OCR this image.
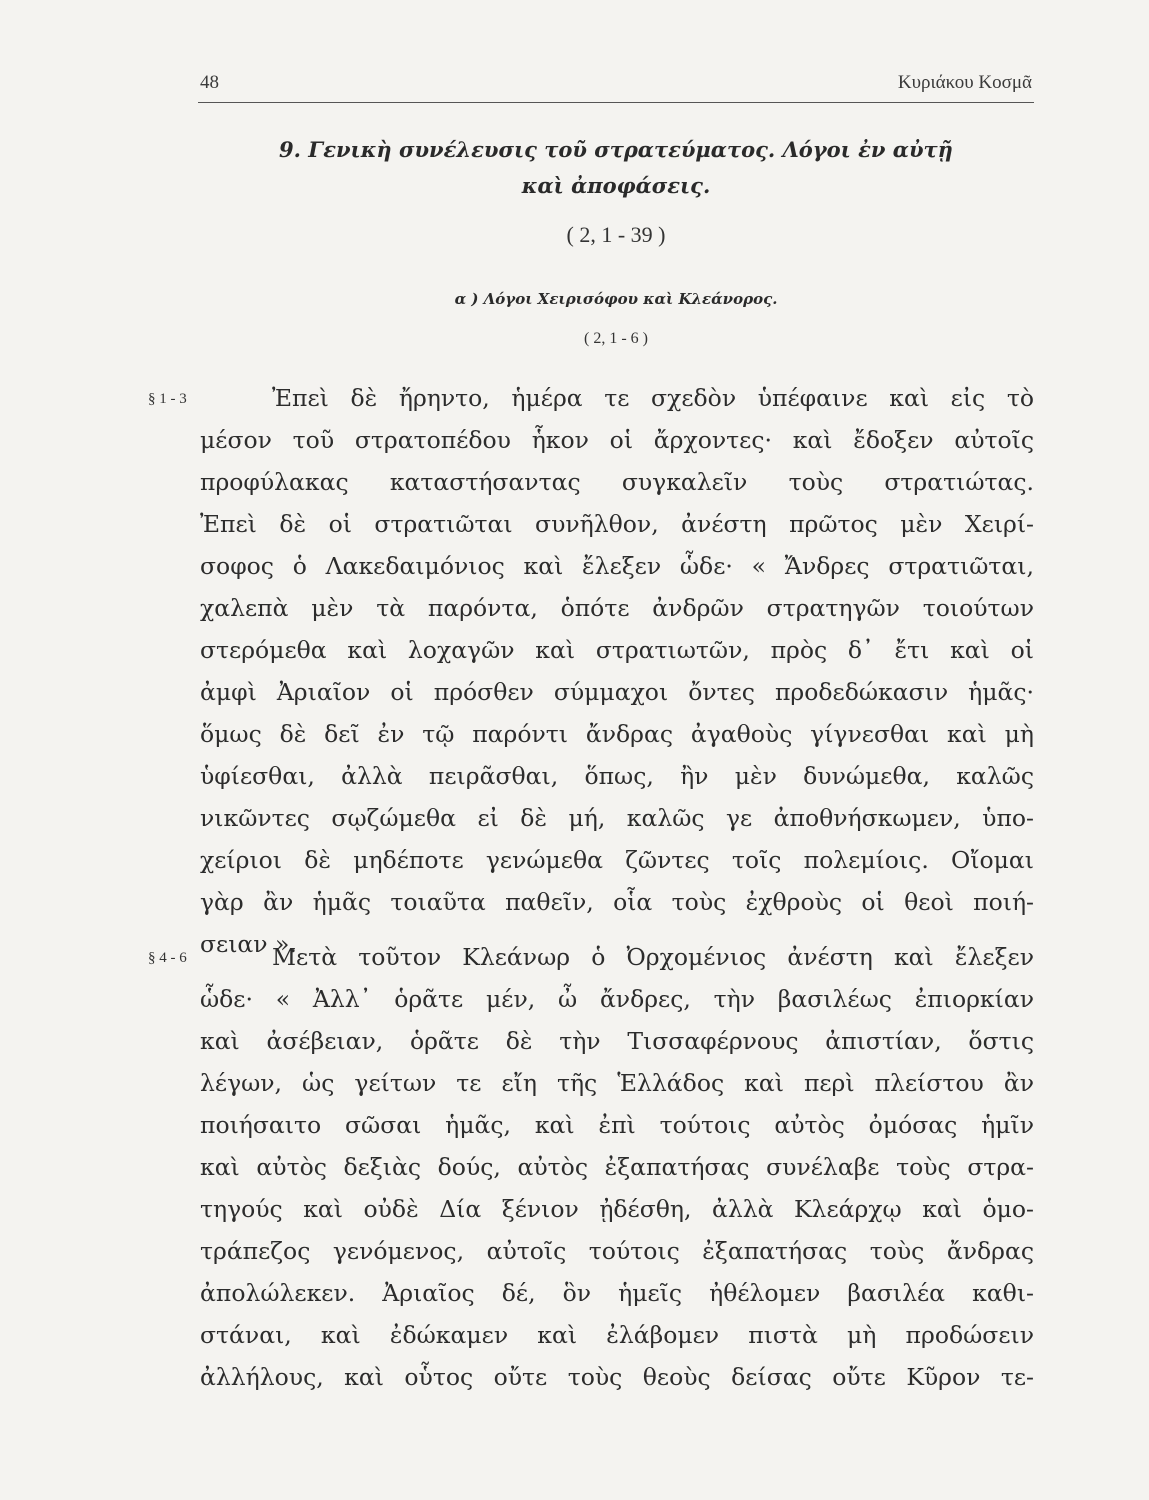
48	Κυριάκου Κοσμᾶ
9. Γενικὴ συνέλευσις τοῦ στρατεύματος. Λόγοι ἐν αὐτῇ
καὶ ἀποφάσεις.
( 2, 1 - 39 )
α ) Λόγοι Χειρισόφου καὶ Κλεάνορος.
( 2, 1 - 6 )
§ 1 - 3	Ἐπεὶ δὲ ἤρηντο, ἡμέρα τε σχεδὸν ὑπέφαινε καὶ εἰς τὸ
μέσον τοῦ στρατοπέδου ἧκον οἱ ἄρχοντες· καὶ ἔδοξεν αὐτοῖς
προφύλακας καταστήσαντας συγκαλεῖν τοὺς στρατιώτας.
Ἐπεὶ δὲ οἱ στρατιῶται συνῆλθον, ἀνέστη πρῶτος μὲν Χειρί-
σοφος ὁ Λακεδαιμόνιος καὶ ἔλεξεν ὧδε· « Ἄνδρες στρατιῶται,
χαλεπὰ μὲν τὰ παρόντα, ὁπότε ἀνδρῶν στρατηγῶν τοιούτων
στερόμεθα καὶ λοχαγῶν καὶ στρατιωτῶν, πρὸς δ᾽ ἔτι καὶ οἱ
ἀμφὶ Ἀριαῖον οἱ πρόσθεν σύμμαχοι ὄντες προδεδώκασιν ἡμᾶς·
ὅμως δὲ δεῖ ἐν τῷ παρόντι ἄνδρας ἀγαθοὺς γίγνεσθαι καὶ μὴ
ὑφίεσθαι, ἀλλὰ πειρᾶσθαι, ὅπως, ἢν μὲν δυνώμεθα, καλῶς
νικῶντες σῳζώμεθα εἰ δὲ μή, καλῶς γε ἀποθνήσκωμεν, ὑπο-
χείριοι δὲ μηδέποτε γενώμεθα ζῶντες τοῖς πολεμίοις. Οἴομαι
γὰρ ἂν ἡμᾶς τοιαῦτα παθεῖν, οἷα τοὺς ἐχθροὺς οἱ θεοὶ ποιή-
σειαν ».
§ 4 - 6	Μετὰ τοῦτον Κλεάνωρ ὁ Ὀρχομένιος ἀνέστη καὶ ἔλεξεν
ὧδε· « Ἀλλ᾽ ὁρᾶτε μέν, ὦ ἄνδρες, τὴν βασιλέως ἐπιορκίαν
καὶ ἀσέβειαν, ὁρᾶτε δὲ τὴν Τισσαφέρνους ἀπιστίαν, ὅστις
λέγων, ὡς γείτων τε εἴη τῆς Ἑλλάδος καὶ περὶ πλείστου ἂν
ποιήσαιτο σῶσαι ἡμᾶς, καὶ ἐπὶ τούτοις αὐτὸς ὀμόσας ἡμῖν
καὶ αὐτὸς δεξιὰς δούς, αὐτὸς ἐξαπατήσας συνέλαβε τοὺς στρα-
τηγούς καὶ οὐδὲ Δία ξένιον ᾐδέσθη, ἀλλὰ Κλεάρχῳ καὶ ὁμο-
τράπεζος γενόμενος, αὐτοῖς τούτοις ἐξαπατήσας τοὺς ἄνδρας
ἀπολώλεκεν. Ἀριαῖος δέ, ὃν ἡμεῖς ἠθέλομεν βασιλέα καθι-
στάναι, καὶ ἐδώκαμεν καὶ ἐλάβομεν πιστὰ μὴ προδώσειν
ἀλλήλους, καὶ οὗτος οὔτε τοὺς θεοὺς δείσας οὔτε Κῦρον τε-
